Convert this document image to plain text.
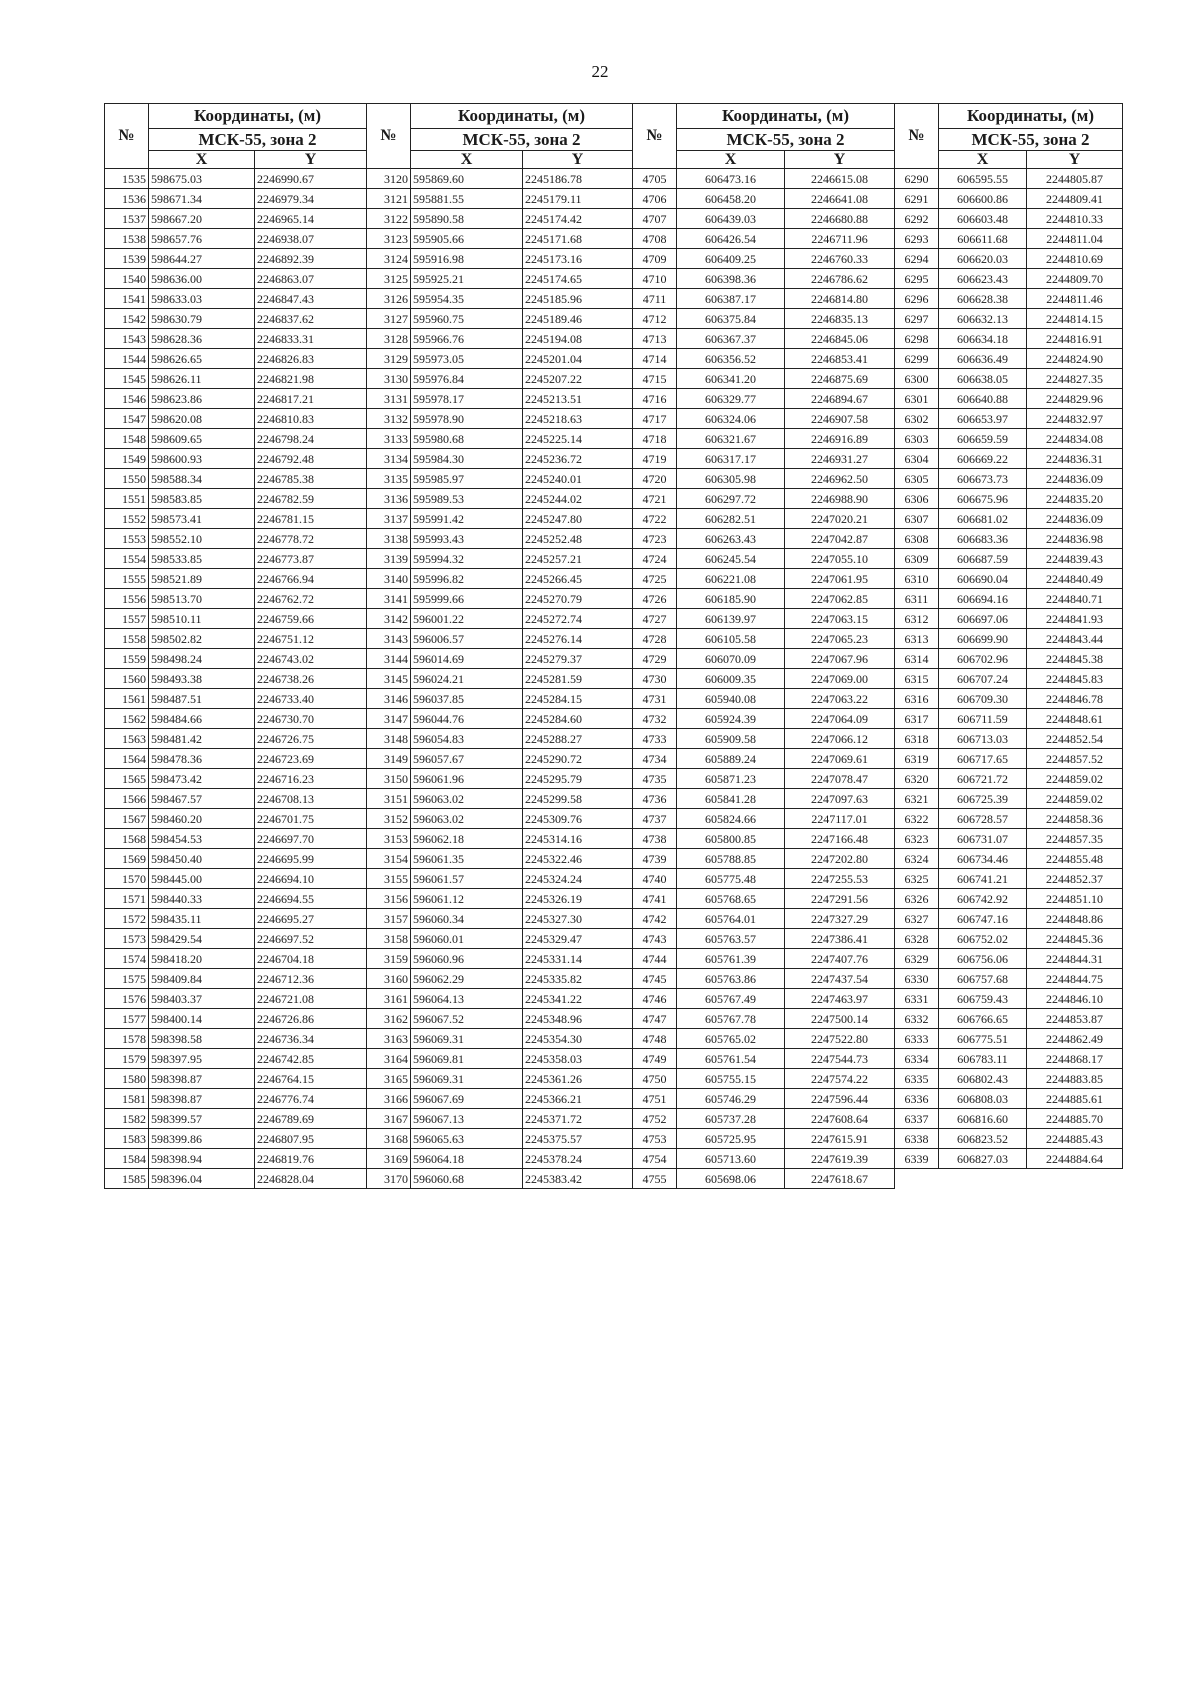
22
№	Координаты, (м)		№	Координаты, (м)		№	Координаты, (м)		№	Координаты, (м)	
	МСК-55, зона 2			МСК-55, зона 2			МСК-55, зона 2			МСК-55, зона 2	
	X	Y		X	Y		X	Y		X	Y
1535	598675.03	2246990.67	3120	595869.60	2245186.78	4705	606473.16	2246615.08	6290	606595.55	2244805.87
1536	598671.34	2246979.34	3121	595881.55	2245179.11	4706	606458.20	2246641.08	6291	606600.86	2244809.41
1537	598667.20	2246965.14	3122	595890.58	2245174.42	4707	606439.03	2246680.88	6292	606603.48	2244810.33
1538	598657.76	2246938.07	3123	595905.66	2245171.68	4708	606426.54	2246711.96	6293	606611.68	2244811.04
1539	598644.27	2246892.39	3124	595916.98	2245173.16	4709	606409.25	2246760.33	6294	606620.03	2244810.69
1540	598636.00	2246863.07	3125	595925.21	2245174.65	4710	606398.36	2246786.62	6295	606623.43	2244809.70
1541	598633.03	2246847.43	3126	595954.35	2245185.96	4711	606387.17	2246814.80	6296	606628.38	2244811.46
1542	598630.79	2246837.62	3127	595960.75	2245189.46	4712	606375.84	2246835.13	6297	606632.13	2244814.15
1543	598628.36	2246833.31	3128	595966.76	2245194.08	4713	606367.37	2246845.06	6298	606634.18	2244816.91
1544	598626.65	2246826.83	3129	595973.05	2245201.04	4714	606356.52	2246853.41	6299	606636.49	2244824.90
1545	598626.11	2246821.98	3130	595976.84	2245207.22	4715	606341.20	2246875.69	6300	606638.05	2244827.35
1546	598623.86	2246817.21	3131	595978.17	2245213.51	4716	606329.77	2246894.67	6301	606640.88	2244829.96
1547	598620.08	2246810.83	3132	595978.90	2245218.63	4717	606324.06	2246907.58	6302	606653.97	2244832.97
1548	598609.65	2246798.24	3133	595980.68	2245225.14	4718	606321.67	2246916.89	6303	606659.59	2244834.08
1549	598600.93	2246792.48	3134	595984.30	2245236.72	4719	606317.17	2246931.27	6304	606669.22	2244836.31
1550	598588.34	2246785.38	3135	595985.97	2245240.01	4720	606305.98	2246962.50	6305	606673.73	2244836.09
1551	598583.85	2246782.59	3136	595989.53	2245244.02	4721	606297.72	2246988.90	6306	606675.96	2244835.20
1552	598573.41	2246781.15	3137	595991.42	2245247.80	4722	606282.51	2247020.21	6307	606681.02	2244836.09
1553	598552.10	2246778.72	3138	595993.43	2245252.48	4723	606263.43	2247042.87	6308	606683.36	2244836.98
1554	598533.85	2246773.87	3139	595994.32	2245257.21	4724	606245.54	2247055.10	6309	606687.59	2244839.43
1555	598521.89	2246766.94	3140	595996.82	2245266.45	4725	606221.08	2247061.95	6310	606690.04	2244840.49
1556	598513.70	2246762.72	3141	595999.66	2245270.79	4726	606185.90	2247062.85	6311	606694.16	2244840.71
1557	598510.11	2246759.66	3142	596001.22	2245272.74	4727	606139.97	2247063.15	6312	606697.06	2244841.93
1558	598502.82	2246751.12	3143	596006.57	2245276.14	4728	606105.58	2247065.23	6313	606699.90	2244843.44
1559	598498.24	2246743.02	3144	596014.69	2245279.37	4729	606070.09	2247067.96	6314	606702.96	2244845.38
1560	598493.38	2246738.26	3145	596024.21	2245281.59	4730	606009.35	2247069.00	6315	606707.24	2244845.83
1561	598487.51	2246733.40	3146	596037.85	2245284.15	4731	605940.08	2247063.22	6316	606709.30	2244846.78
1562	598484.66	2246730.70	3147	596044.76	2245284.60	4732	605924.39	2247064.09	6317	606711.59	2244848.61
1563	598481.42	2246726.75	3148	596054.83	2245288.27	4733	605909.58	2247066.12	6318	606713.03	2244852.54
1564	598478.36	2246723.69	3149	596057.67	2245290.72	4734	605889.24	2247069.61	6319	606717.65	2244857.52
1565	598473.42	2246716.23	3150	596061.96	2245295.79	4735	605871.23	2247078.47	6320	606721.72	2244859.02
1566	598467.57	2246708.13	3151	596063.02	2245299.58	4736	605841.28	2247097.63	6321	606725.39	2244859.02
1567	598460.20	2246701.75	3152	596063.02	2245309.76	4737	605824.66	2247117.01	6322	606728.57	2244858.36
1568	598454.53	2246697.70	3153	596062.18	2245314.16	4738	605800.85	2247166.48	6323	606731.07	2244857.35
1569	598450.40	2246695.99	3154	596061.35	2245322.46	4739	605788.85	2247202.80	6324	606734.46	2244855.48
1570	598445.00	2246694.10	3155	596061.57	2245324.24	4740	605775.48	2247255.53	6325	606741.21	2244852.37
1571	598440.33	2246694.55	3156	596061.12	2245326.19	4741	605768.65	2247291.56	6326	606742.92	2244851.10
1572	598435.11	2246695.27	3157	596060.34	2245327.30	4742	605764.01	2247327.29	6327	606747.16	2244848.86
1573	598429.54	2246697.52	3158	596060.01	2245329.47	4743	605763.57	2247386.41	6328	606752.02	2244845.36
1574	598418.20	2246704.18	3159	596060.96	2245331.14	4744	605761.39	2247407.76	6329	606756.06	2244844.31
1575	598409.84	2246712.36	3160	596062.29	2245335.82	4745	605763.86	2247437.54	6330	606757.68	2244844.75
1576	598403.37	2246721.08	3161	596064.13	2245341.22	4746	605767.49	2247463.97	6331	606759.43	2244846.10
1577	598400.14	2246726.86	3162	596067.52	2245348.96	4747	605767.78	2247500.14	6332	606766.65	2244853.87
1578	598398.58	2246736.34	3163	596069.31	2245354.30	4748	605765.02	2247522.80	6333	606775.51	2244862.49
1579	598397.95	2246742.85	3164	596069.81	2245358.03	4749	605761.54	2247544.73	6334	606783.11	2244868.17
1580	598398.87	2246764.15	3165	596069.31	2245361.26	4750	605755.15	2247574.22	6335	606802.43	2244883.85
1581	598398.87	2246776.74	3166	596067.69	2245366.21	4751	605746.29	2247596.44	6336	606808.03	2244885.61
1582	598399.57	2246789.69	3167	596067.13	2245371.72	4752	605737.28	2247608.64	6337	606816.60	2244885.70
1583	598399.86	2246807.95	3168	596065.63	2245375.57	4753	605725.95	2247615.91	6338	606823.52	2244885.43
1584	598398.94	2246819.76	3169	596064.18	2245378.24	4754	605713.60	2247619.39	6339	606827.03	2244884.64
1585	598396.04	2246828.04	3170	596060.68	2245383.42	4755	605698.06	2247618.67			
